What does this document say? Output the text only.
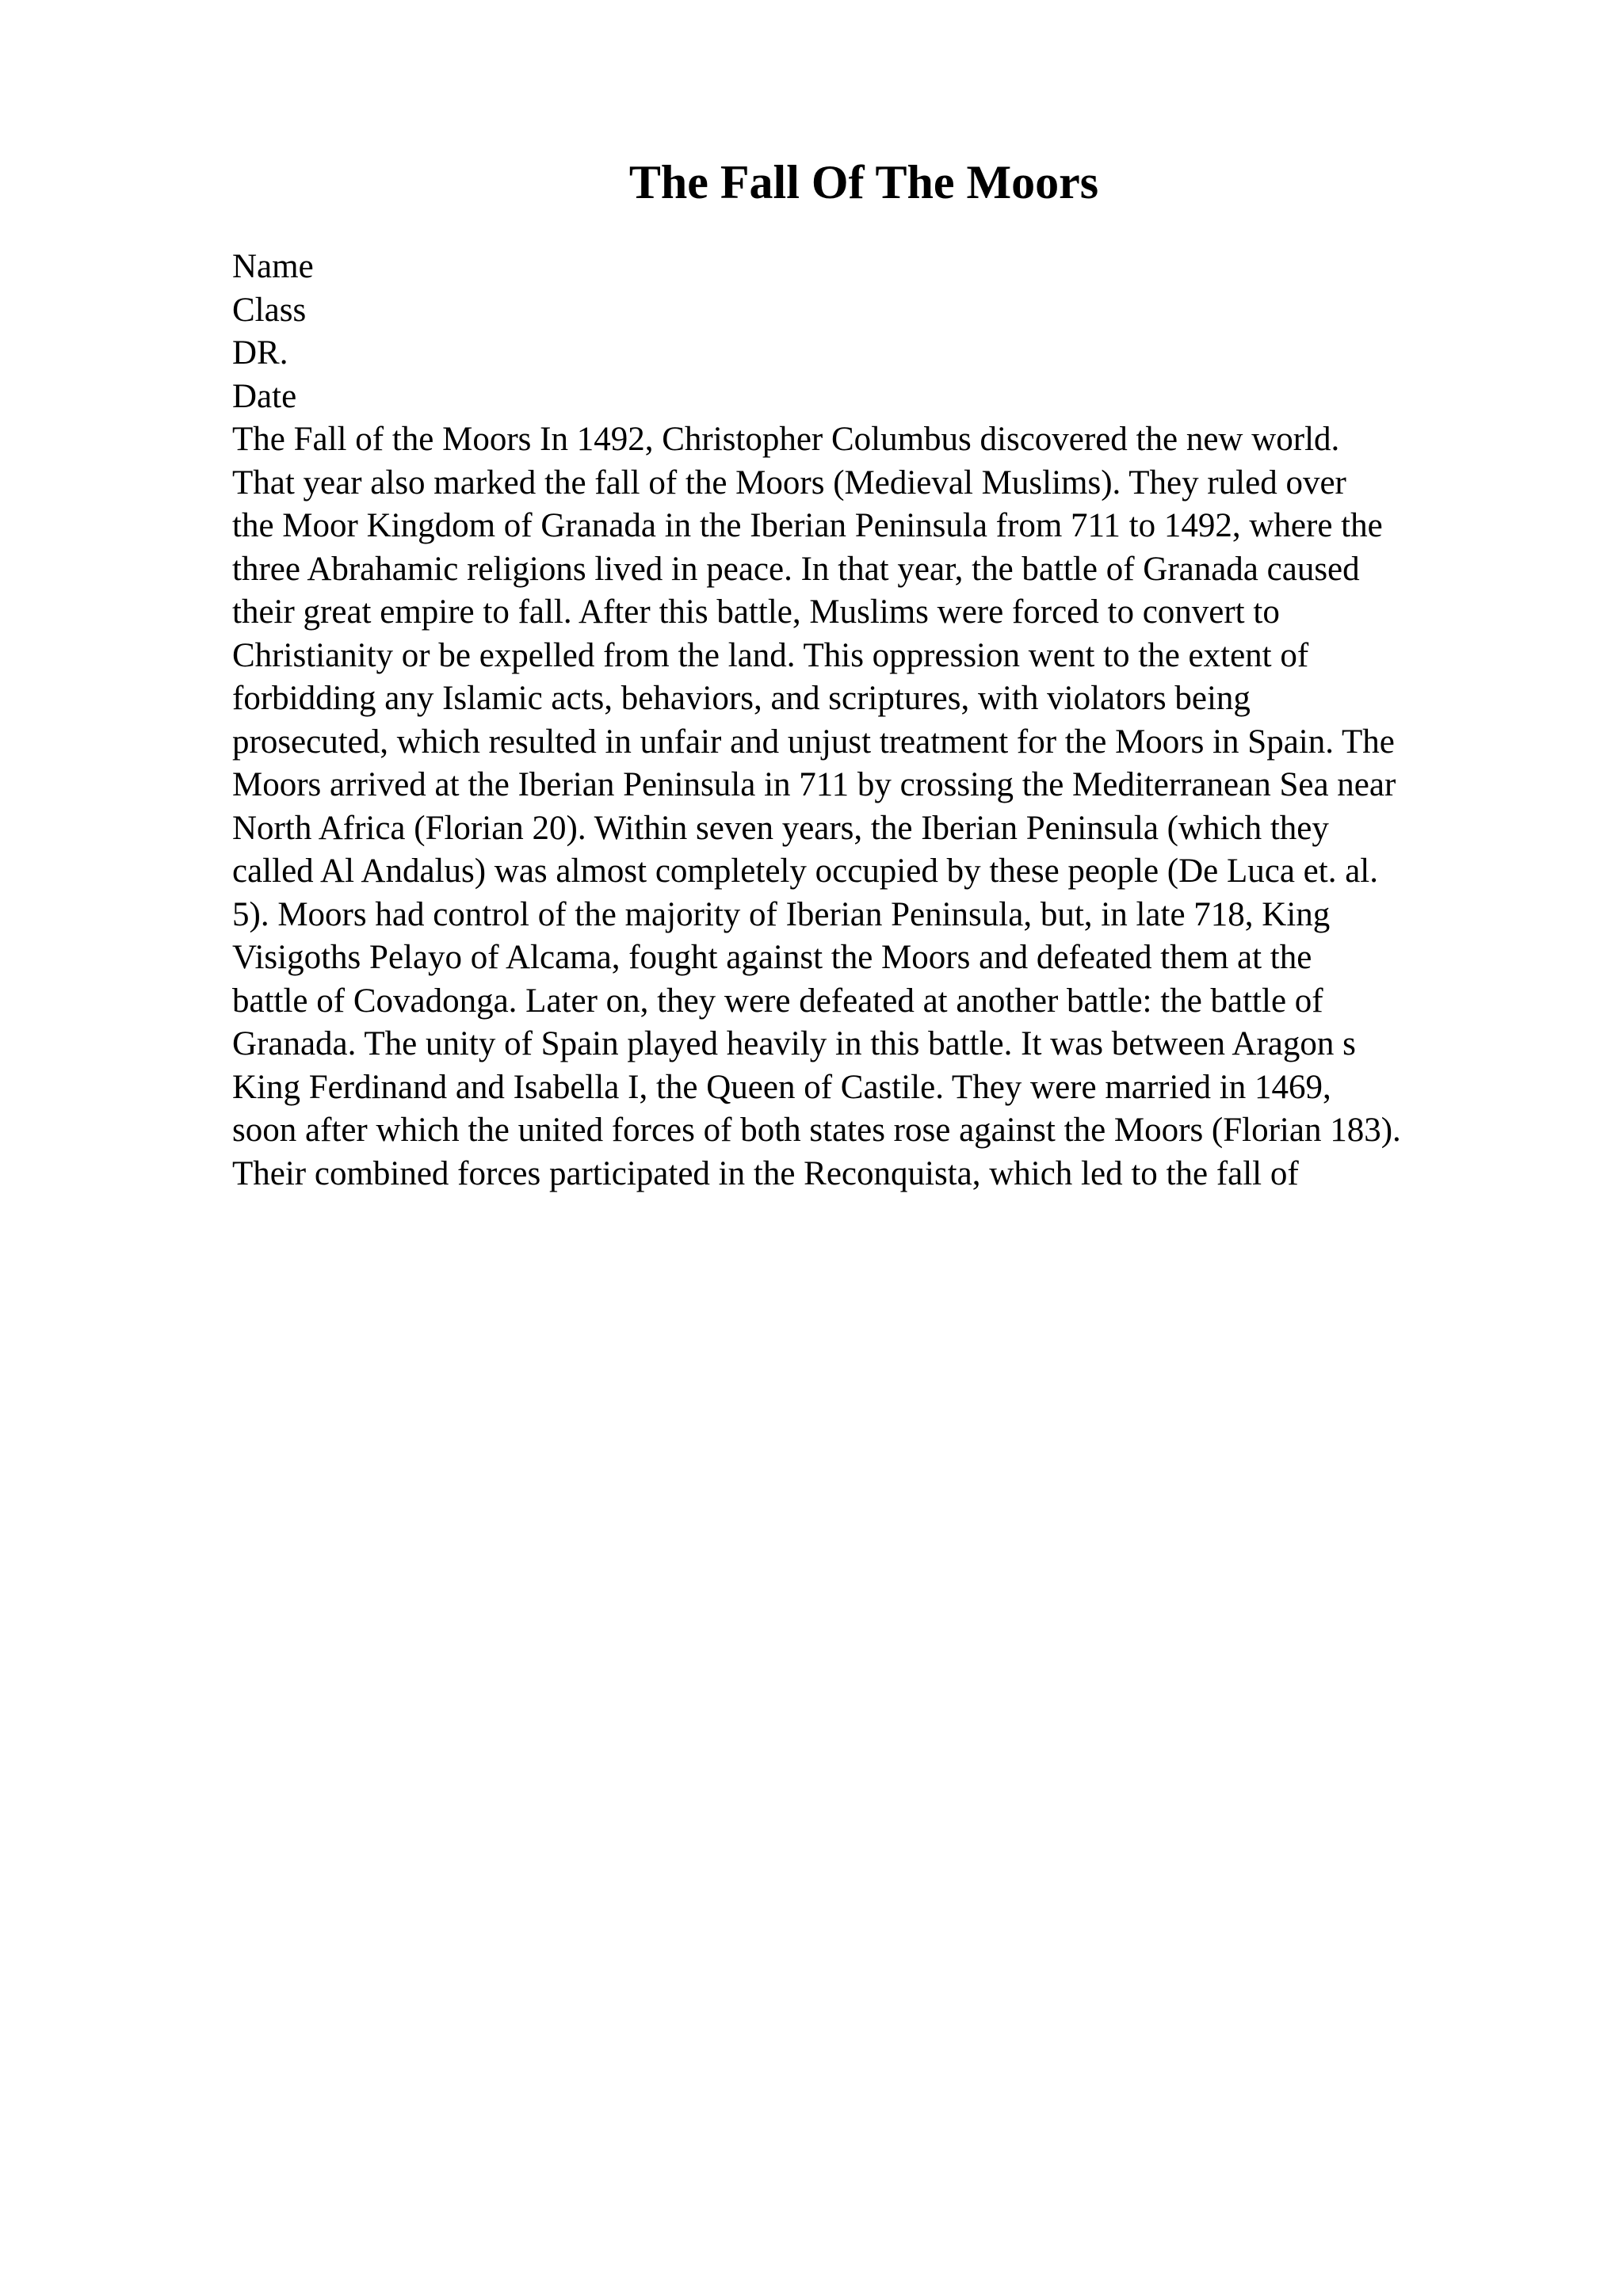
The Fall Of The Moors
Name
Class
DR.
Date
The Fall of the Moors In 1492, Christopher Columbus discovered the new world.
That year also marked the fall of the Moors (Medieval Muslims). They ruled over
the Moor Kingdom of Granada in the Iberian Peninsula from 711 to 1492, where the
three Abrahamic religions lived in peace. In that year, the battle of Granada caused
their great empire to fall. After this battle, Muslims were forced to convert to
Christianity or be expelled from the land. This oppression went to the extent of
forbidding any Islamic acts, behaviors, and scriptures, with violators being
prosecuted, which resulted in unfair and unjust treatment for the Moors in Spain. The
Moors arrived at the Iberian Peninsula in 711 by crossing the Mediterranean Sea near
North Africa (Florian 20). Within seven years, the Iberian Peninsula (which they
called Al Andalus) was almost completely occupied by these people (De Luca et. al.
5). Moors had control of the majority of Iberian Peninsula, but, in late 718, King
Visigoths Pelayo of Alcama, fought against the Moors and defeated them at the
battle of Covadonga. Later on, they were defeated at another battle: the battle of
Granada. The unity of Spain played heavily in this battle. It was between Aragon s
King Ferdinand and Isabella I, the Queen of Castile. They were married in 1469,
soon after which the united forces of both states rose against the Moors (Florian 183).
Their combined forces participated in the Reconquista, which led to the fall of
